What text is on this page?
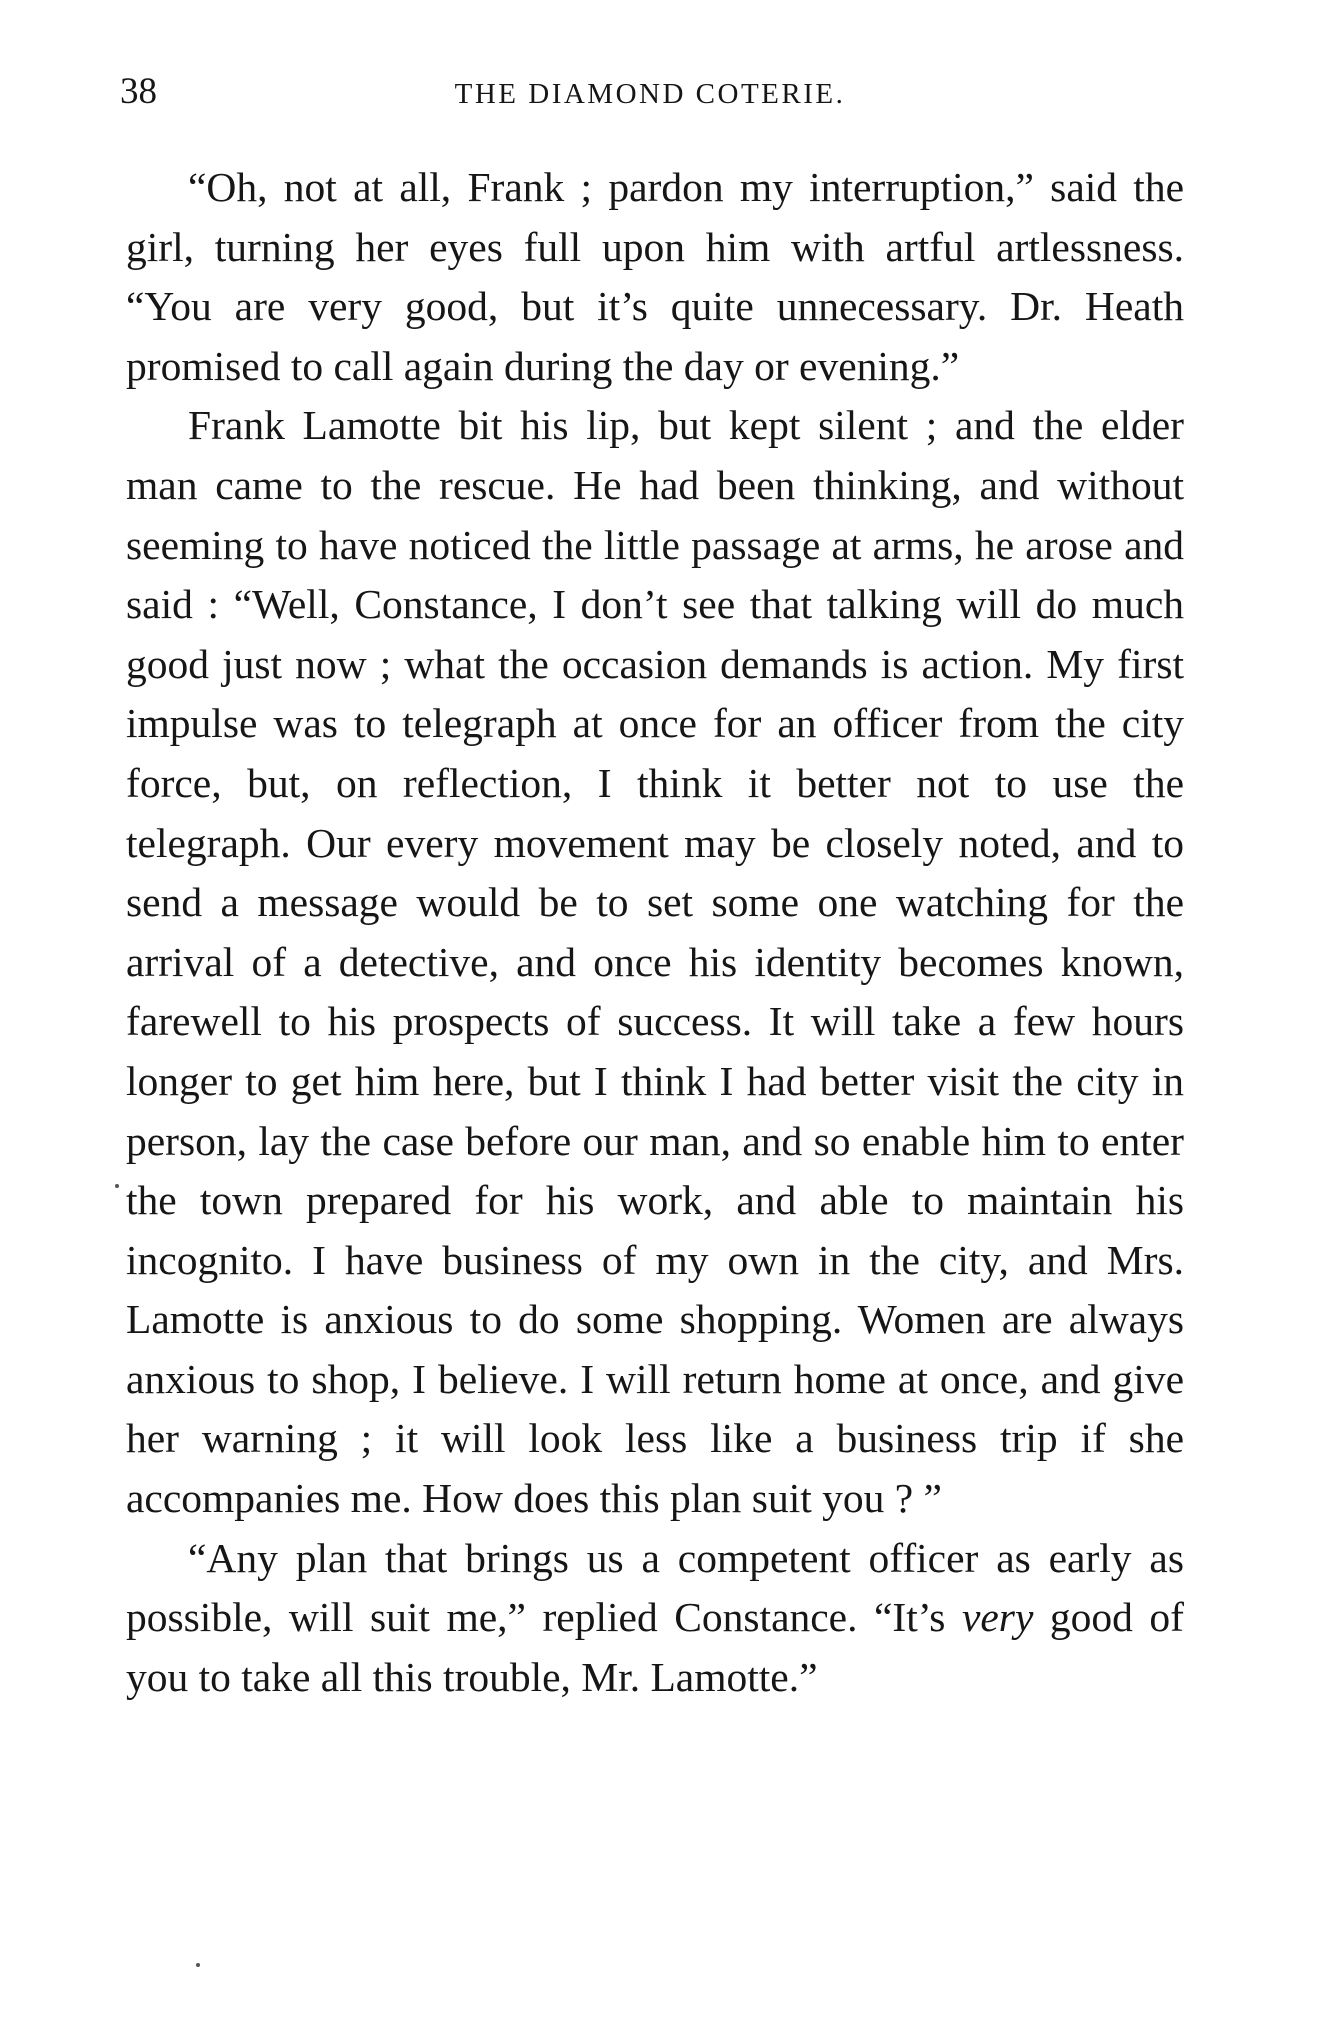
38	THE DIAMOND COTERIE.

“Oh, not at all, Frank ; pardon my interruption,” said the girl, turning her eyes full upon him with artful artlessness. “You are very good, but it’s quite unnecessary. Dr. Heath promised to call again during the day or evening.”

Frank Lamotte bit his lip, but kept silent ; and the elder man came to the rescue. He had been thinking, and without seeming to have noticed the little passage at arms, he arose and said : “Well, Constance, I don’t see that talking will do much good just now ; what the occasion demands is action. My first impulse was to telegraph at once for an officer from the city force, but, on reflection, I think it better not to use the telegraph. Our every movement may be closely noted, and to send a message would be to set some one watching for the arrival of a detective, and once his identity becomes known, farewell to his prospects of success. It will take a few hours longer to get him here, but I think I had better visit the city in person, lay the case before our man, and so enable him to enter the town prepared for his work, and able to maintain his incognito. I have business of my own in the city, and Mrs. Lamotte is anxious to do some shopping. Women are always anxious to shop, I believe. I will return home at once, and give her warning ; it will look less like a business trip if she accompanies me. How does this plan suit you ? ”

“Any plan that brings us a competent officer as early as possible, will suit me,” replied Constance. “It’s very good of you to take all this trouble, Mr. Lamotte.”
